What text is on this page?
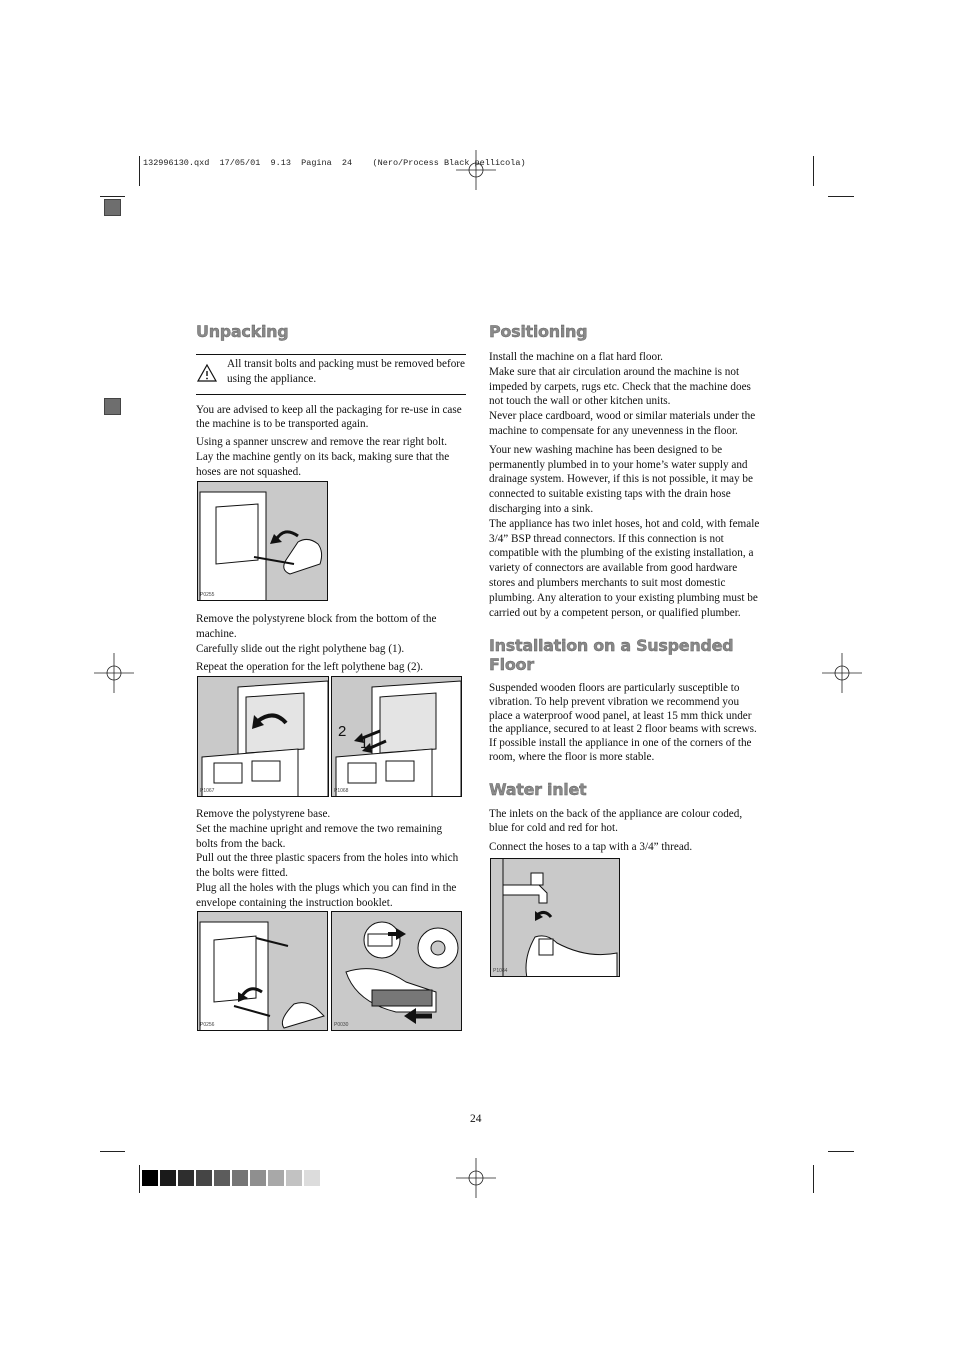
132996130.qxd  17/05/01  9.13  Pagina  24    (Nero/Process Black pellicola)
Unpacking

All transit bolts and packing must be removed before using the appliance.

You are advised to keep all the packaging for re-use in case the machine is to be transported again.

Using a spanner unscrew and remove the rear right bolt. Lay the machine gently on its back, making sure that the hoses are not squashed.

P0255

Remove the polystyrene block from the bottom of the machine.

Carefully slide out the right polythene bag (1).

Repeat the operation for the left polythene bag (2).

P1067
2
1
P1068

Remove the polystyrene base.

Set the machine upright and remove the two remaining bolts from the back.

Pull out the three plastic spacers from the holes into which the bolts were fitted.

Plug all the holes with the plugs which you can find in the envelope containing the instruction booklet.

P0256	P0030
Positioning

Install the machine on a flat hard floor.

Make sure that air circulation around the machine is not impeded by carpets, rugs etc. Check that the machine does not touch the wall or other kitchen units.

Never place cardboard, wood or similar materials under the machine to compensate for any unevenness in the floor.

Your new washing machine has been designed to be permanently plumbed in to your home’s water supply and drainage system. However, if this is not possible, it may be connected to suitable existing taps with the drain hose discharging into a sink.

The appliance has two inlet hoses, hot and cold, with female 3/4” BSP thread connectors. If this connection is not compatible with the plumbing of the existing installation, a variety of connectors are available from good hardware stores and plumbers merchants to suit most domestic plumbing. Any alteration to your existing plumbing must be carried out by a competent person, or qualified plumber.

Installation on a Suspended Floor

Suspended wooden floors are particularly susceptible to vibration. To help prevent vibration we recommend you place a waterproof wood panel, at least 15 mm thick under the appliance, secured to at least 2 floor beams with screws. If possible install the appliance in one of the corners of the room, where the floor is more stable.

Water inlet

The inlets on the back of the appliance are colour coded, blue for cold and red for hot.

Connect the hoses to a tap with a 3/4” thread.

P1084
24
